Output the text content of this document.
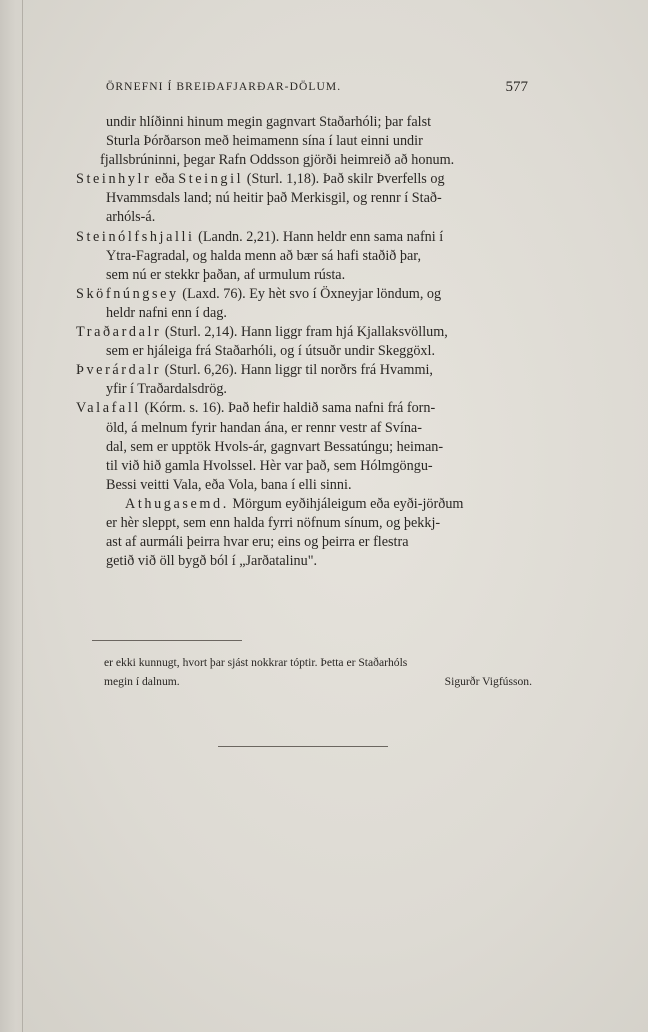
ÖRNEFNI Í BREIÐAFJARÐAR-DÖLUM.	577

undir hlíðinni hinum megin gagnvart Staðarhóli; þar falst

Sturla Þórðarson með heimamenn sína í laut einni undir

fjallsbrúninni, þegar Rafn Oddsson gjörði heimreið að honum.

Steinhylr eða Steingil (Sturl. 1,18). Það skilr Þverfells og

Hvammsdals land; nú heitir það Merkisgil, og rennr í Stað-

arhóls-á.

Steinólfshjalli (Landn. 2,21). Hann heldr enn sama nafni í

Ytra-Fagradal, og halda menn að bær sá hafi staðið þar,

sem nú er stekkr þaðan, af urmulum rústa.

Sköfnúngsey (Laxd. 76). Ey hèt svo í Öxneyjar löndum, og

heldr nafni enn í dag.

Traðardalr (Sturl. 2,14). Hann liggr fram hjá Kjallaksvöllum,

sem er hjáleiga frá Staðarhóli, og í útsuðr undir Skeggöxl.

Þverárdalr (Sturl. 6,26). Hann liggr til norðrs frá Hvammi,

yfir í Traðardalsdrög.

Valafall (Kórm. s. 16). Það hefir haldið sama nafni frá forn-

öld, á melnum fyrir handan ána, er rennr vestr af Svína-

dal, sem er upptök Hvols-ár, gagnvart Bessatúngu; heiman-

til við hið gamla Hvolssel. Hèr var það, sem Hólmgöngu-

Bessi veitti Vala, eða Vola, bana í elli sinni.

Athugasemd. Mörgum eyðihjáleigum eða eyði-jörðum

er hèr sleppt, sem enn halda fyrri nöfnum sínum, og þekkj-

ast af aurmáli þeirra hvar eru; eins og þeirra er flestra

getið við öll bygð ból í „Jarðatalinu".

er ekki kunnugt, hvort þar sjást nokkrar tóptir. Þetta er Staðarhóls
megin í dalnum.	Sigurðr Vigfússon.
